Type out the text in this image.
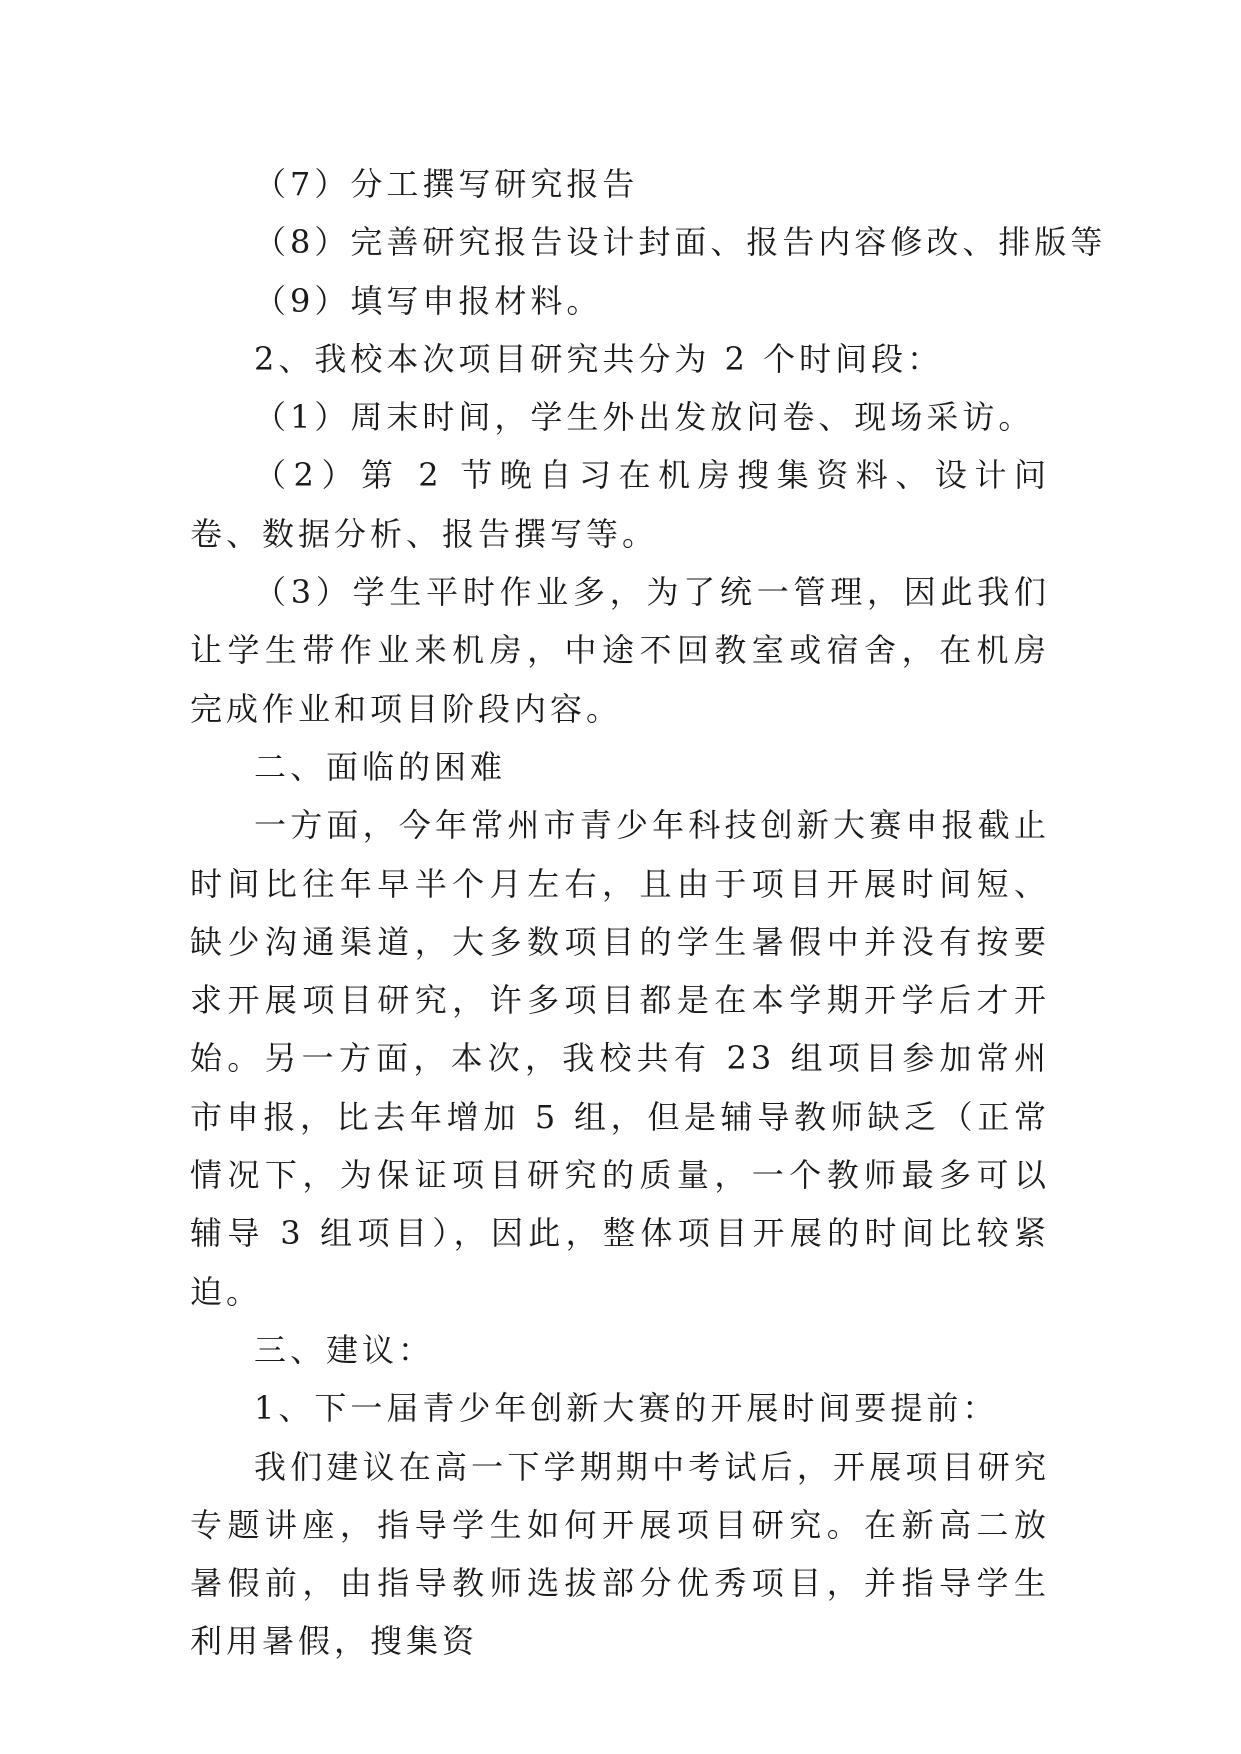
（7）分工撰写研究报告

（8）完善研究报告设计封面、报告内容修改、排版等

（9）填写申报材料。

2、我校本次项目研究共分为 2 个时间段：

（1）周末时间，学生外出发放问卷、现场采访。

（2）第 2 节晚自习在机房搜集资料、设计问卷、数据分析、报告撰写等。

（3）学生平时作业多，为了统一管理，因此我们让学生带作业来机房，中途不回教室或宿舍，在机房完成作业和项目阶段内容。

二、面临的困难

一方面，今年常州市青少年科技创新大赛申报截止时间比往年早半个月左右，且由于项目开展时间短、缺少沟通渠道，大多数项目的学生暑假中并没有按要求开展项目研究，许多项目都是在本学期开学后才开始。另一方面，本次，我校共有 23 组项目参加常州市申报，比去年增加 5 组，但是辅导教师缺乏（正常情况下，为保证项目研究的质量，一个教师最多可以辅导 3 组项目），因此，整体项目开展的时间比较紧迫。

三、建议：

1、下一届青少年创新大赛的开展时间要提前：

我们建议在高一下学期期中考试后，开展项目研究专题讲座，指导学生如何开展项目研究。在新高二放暑假前，由指导教师选拔部分优秀项目，并指导学生利用暑假，搜集资
